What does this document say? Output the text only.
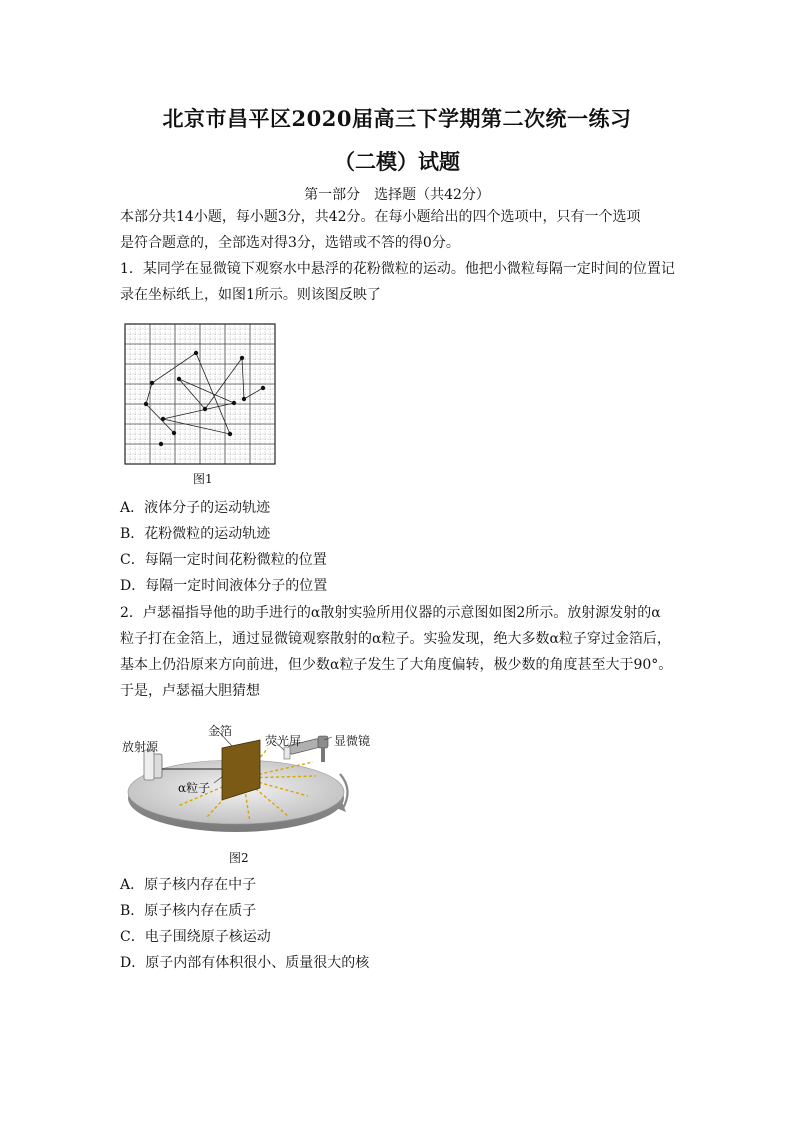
北京市昌平区2020届高三下学期第二次统一练习
（二模）试题
第一部分　选择题（共42分）
本部分共14小题，每小题3分，共42分。在每小题给出的四个选项中，只有一个选项
是符合题意的，全部选对得3分，选错或不答的得0分。
1．某同学在显微镜下观察水中悬浮的花粉微粒的运动。他把小微粒每隔一定时间的位置记
录在坐标纸上，如图1所示。则该图反映了
图1
A．液体分子的运动轨迹
B．花粉微粒的运动轨迹
C．每隔一定时间花粉微粒的位置
D．每隔一定时间液体分子的位置
2．卢瑟福指导他的助手进行的α散射实验所用仪器的示意图如图2所示。放射源发射的α
粒子打在金箔上，通过显微镜观察散射的α粒子。实验发现，绝大多数α粒子穿过金箔后，
基本上仍沿原来方向前进，但少数α粒子发生了大角度偏转，极少数的角度甚至大于90°。
于是，卢瑟福大胆猜想
放射源
金箔
荧光屏	显微镜
α粒子
图2
A．原子核内存在中子
B．原子核内存在质子
C．电子围绕原子核运动
D．原子内部有体积很小、质量很大的核
